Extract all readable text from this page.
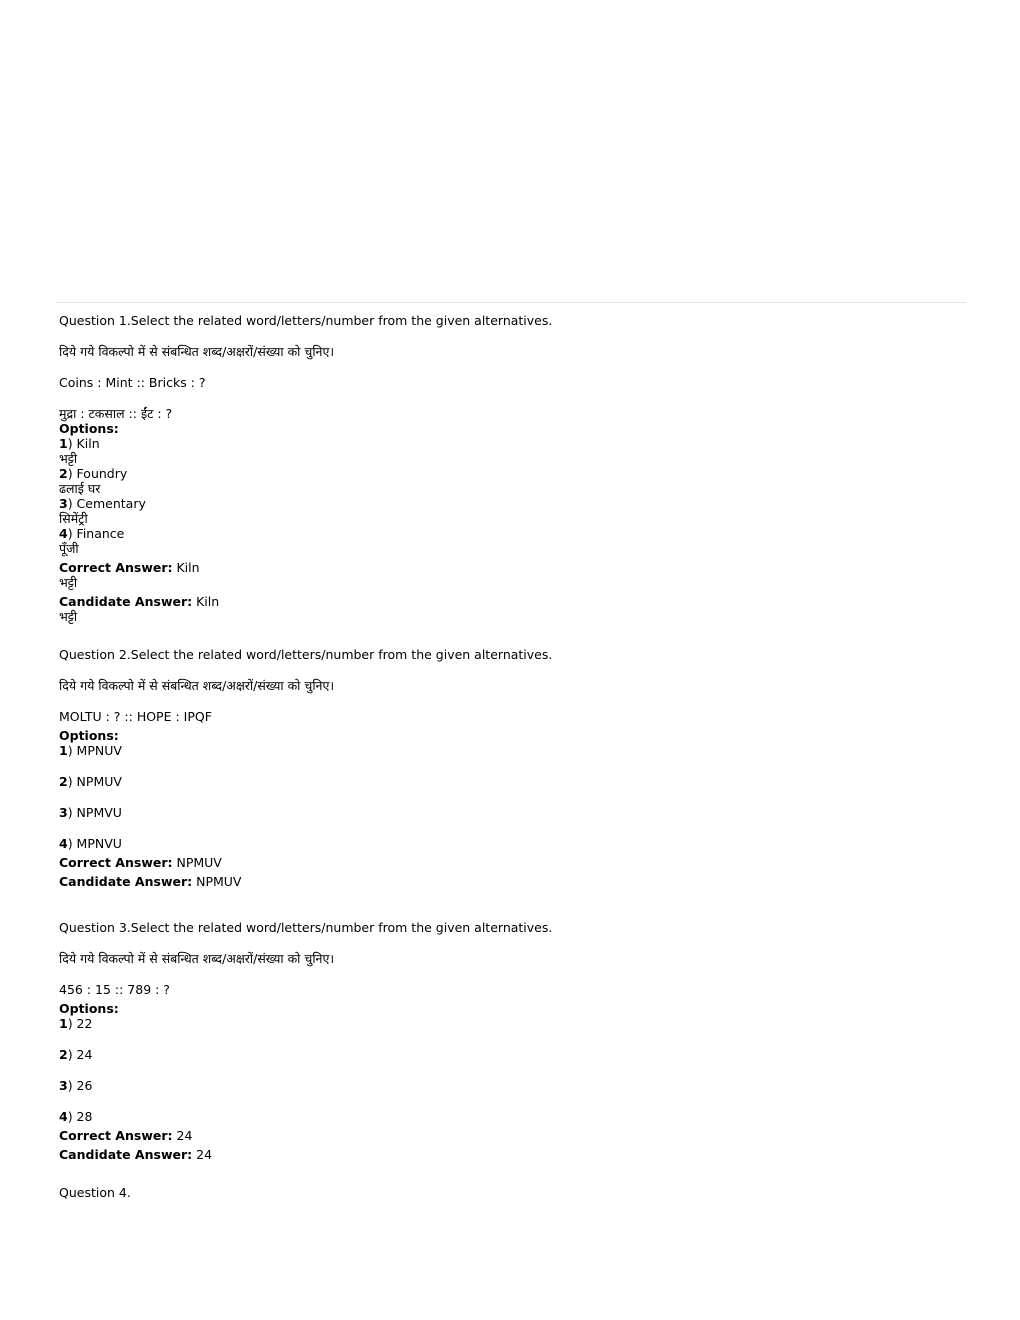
Question 1.Select the related word/letters/number from the given alternatives.
दिये गये विकल्पो में से संबन्धित शब्द/अक्षरों/संख्या को चुनिए।
Coins : Mint :: Bricks : ?
मुद्रा : टकसाल :: ईंट : ?
Options:
1) Kiln
भट्टी
2) Foundry
ढलाई घर
3) Cementary
सिमेंट्री
4) Finance
पूँजी
Correct Answer: Kiln
भट्टी
Candidate Answer: Kiln
भट्टी
Question 2.Select the related word/letters/number from the given alternatives.
दिये गये विकल्पो में से संबन्धित शब्द/अक्षरों/संख्या को चुनिए।
MOLTU : ? :: HOPE : IPQF
Options:
1) MPNUV
2) NPMUV
3) NPMVU
4) MPNVU
Correct Answer: NPMUV
Candidate Answer: NPMUV
Question 3.Select the related word/letters/number from the given alternatives.
दिये गये विकल्पो में से संबन्धित शब्द/अक्षरों/संख्या को चुनिए।
456 : 15 :: 789 : ?
Options:
1) 22
2) 24
3) 26
4) 28
Correct Answer: 24
Candidate Answer: 24
Question 4.
